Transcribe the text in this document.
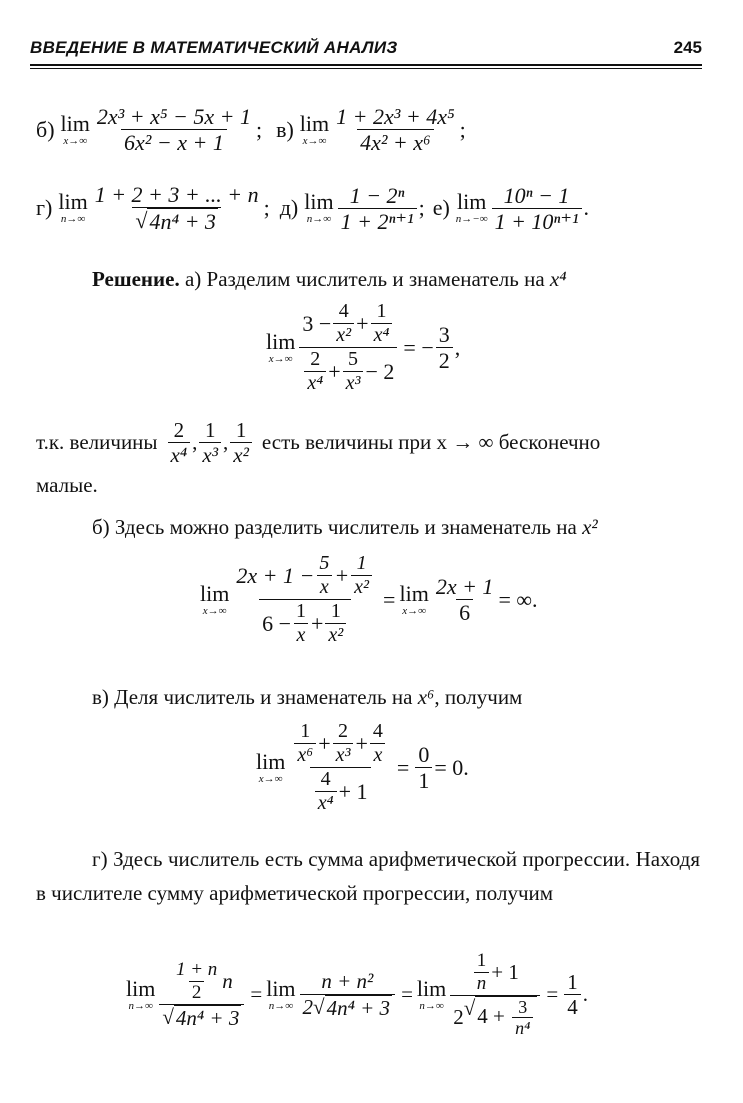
ВВЕДЕНИЕ В МАТЕМАТИЧЕСКИЙ АНАЛИЗ	245
б) lim
$x\to\infty \frac{\text{2x³ + x⁵ − 5x + 1}}{\text{6x² − x + 1}}$ ; в) lim
$x\to\infty \frac{\text{1 + 2x³ + 4x⁵}}{\text{4x² + x⁶}}$ ;
г) lim
$n\to\infty \frac{1 + 2 + 3 + ... + n}{\text{√ 4n⁴ + 3}}$ ; д) lim
$n\to\infty \frac{\text{1 − 2ⁿ}}{\text{1 + 2ⁿ⁺¹}}$ ; е) lim
$n\to-\infty \frac{\text{10ⁿ − 1}}{\text{1 + 10ⁿ⁺¹}}$ .
Решение. а) Разделим числитель и знаменатель на x⁴
lim
$x\to\infty \frac{3 - \frac{4}{\text{x²}} + \frac{1}{\text{x⁴}}}{\frac{2}{\text{x⁴}} + \frac{5}{\text{x³}} - 2}$ = − $\frac{3}{2}$ ,
т.к. величины $\frac{2}{\text{x⁴}}$ , $\frac{1}{\text{x³}}$ , $\frac{1}{\text{x²}}$ есть величины при x → ∞ бесконечно
малые.
б) Здесь можно разделить числитель и знаменатель на x²
lim
$x\to\infty \frac{2x + 1 - \frac{5}{x} + \frac{1}{\text{x²}}}{6 - \frac{1}{x} + \frac{1}{\text{x²}}} = \lim$
$x\to\infty \frac{2x + 1}{6}$ = ∞.
в) Деля числитель и знаменатель на x⁶, получим
lim
$x\to\infty \frac{\frac{1}{\text{x⁶}} + \frac{2}{\text{x³}} + \frac{4}{x}}{\frac{4}{\text{x⁴}} + 1} = \frac{0}{1} = 0$.
г) Здесь числитель есть сумма арифметической прогрессии. Находя в числителе сумму арифметической прогрессии, получим
lim
$n\to\infty \frac{\frac{1 + n}{2} n}{\text{√ 4n⁴ + 3}} = \lim$
$n\to\infty \frac{\text{n + n²}}{\text{2 √ 4n⁴ + 3}} = \lim$
$n\to\infty \frac{\frac{1}{n} + 1}{2 √ 4 + \frac{3}{\text{n⁴}}} = \frac{1}{4}$ .
